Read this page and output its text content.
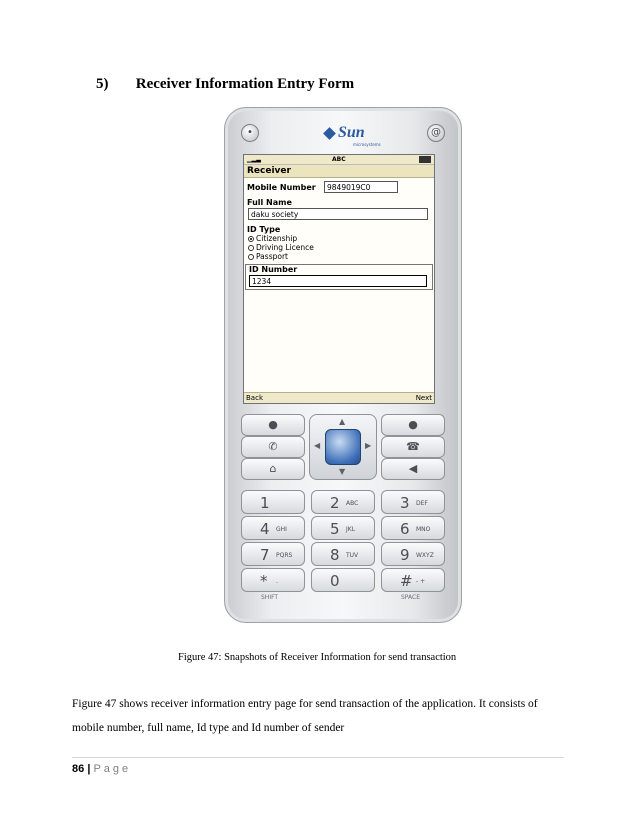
5) Receiver Information Entry Form
•	Sun
microsystems
@
▁▂▃	ABC
Receiver
Mobile Number	9849019C0
Full Name
daku society
ID Type
Citizenship
Driving Licence
Passport
ID Number
1234
Back	Next
●
✆
⌂
▲
▼
◀	▶
●
☎
◀
1	2 ABC	3 DEF
4 GHI	5 JKL	6 MNO
7 PQRS	8 TUV	9 WXYZ
* .	0	# - +
SHIFT	SPACE
Figure 47: Snapshots of Receiver Information for send transaction
Figure 47 shows receiver information entry page for send transaction of the application. It consists of mobile number, full name, Id type and Id number of sender
86 | Page
